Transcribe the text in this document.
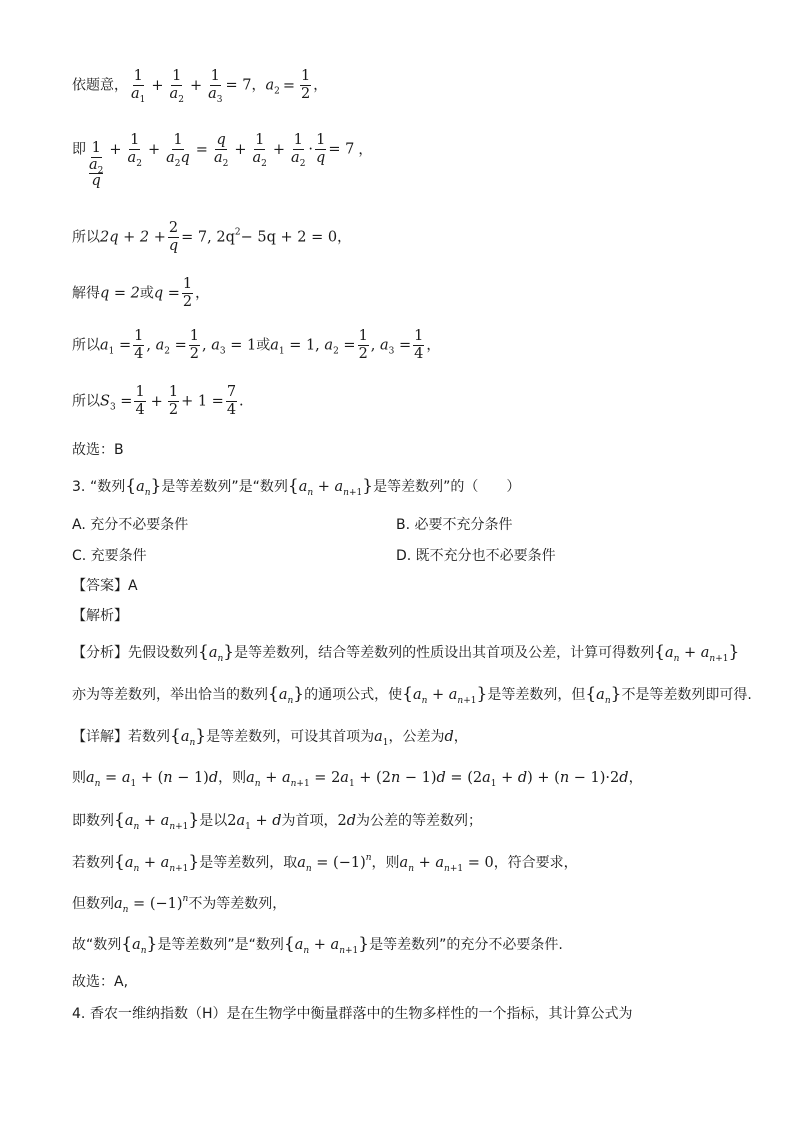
依题意， $\frac{1}{a_1} + \frac{1}{a_2} + \frac{1}{a_3} = 7$，$a_2 = \frac{1}{2}$ ，
即 1
$a_2$
q
+ $\frac{1}{a_2} + \frac{1}{a_2q} = \frac{q}{a_2} + \frac{1}{a_2} + \frac{1}{a_2} \cdot \frac{1}{q} = 7$ ，
所以$2q + 2 + \frac{2}{q} = 7$, $2q^2- 5q + 2 = 0$，
解得q = 2或$q = \frac{1}{2}$ ，
所以$a_1 = \frac{1}{4}$ , $a_2 = \frac{1}{2}$ , $a_3 = 1$或$a_1 = 1$, $a_2 = \frac{1}{2}$ , $a_3 = \frac{1}{4}$ ，
所以$S_3 = \frac{1}{4} + \frac{1}{2} + 1 = \frac{7}{4}$ .
故选：B
3. “数列$\{a_n\}$是等差数列”是“数列$\{a_n + a_{n+1}\}$是等差数列”的（　　）
A. 充分不必要条件	B. 必要不充分条件
C. 充要条件	D. 既不充分也不必要条件
【答案】A
【解析】
【分析】先假设数列$\{a_n\}$是等差数列，结合等差数列的性质设出其首项及公差，计算可得数列$\{a_n + a_{n+1}\}$
亦为等差数列，举出恰当的数列$\{a_n\}$的通项公式，使$\{a_n + a_{n+1}\}$是等差数列，但$\{a_n\}$不是等差数列即可得.
【详解】若数列$\{a_n\}$是等差数列，可设其首项为$a_1$，公差为d，
则$a_n = a_1 + (n - 1)d$，则$a_n + a_{n+1} = 2a_1 + (2n - 1)d = (2a_1 + d) + (n - 1)\cdot 2d$，
即数列$\{a_n + a_{n+1}\}$是以$2a_1 + d$为首项，2d为公差的等差数列；
若数列$\{a_n + a_{n+1}\}$是等差数列，取$a_n = (-1)^n$，则$a_n + a_{n+1} = 0$，符合要求，
但数列$a_n = (-1)^n$不为等差数列，
故“数列$\{a_n\}$是等差数列”是“数列$\{a_n + a_{n+1}\}$是等差数列”的充分不必要条件.
故选：A,
4. 香农一维纳指数（H）是在生物学中衡量群落中的生物多样性的一个指标，其计算公式为
